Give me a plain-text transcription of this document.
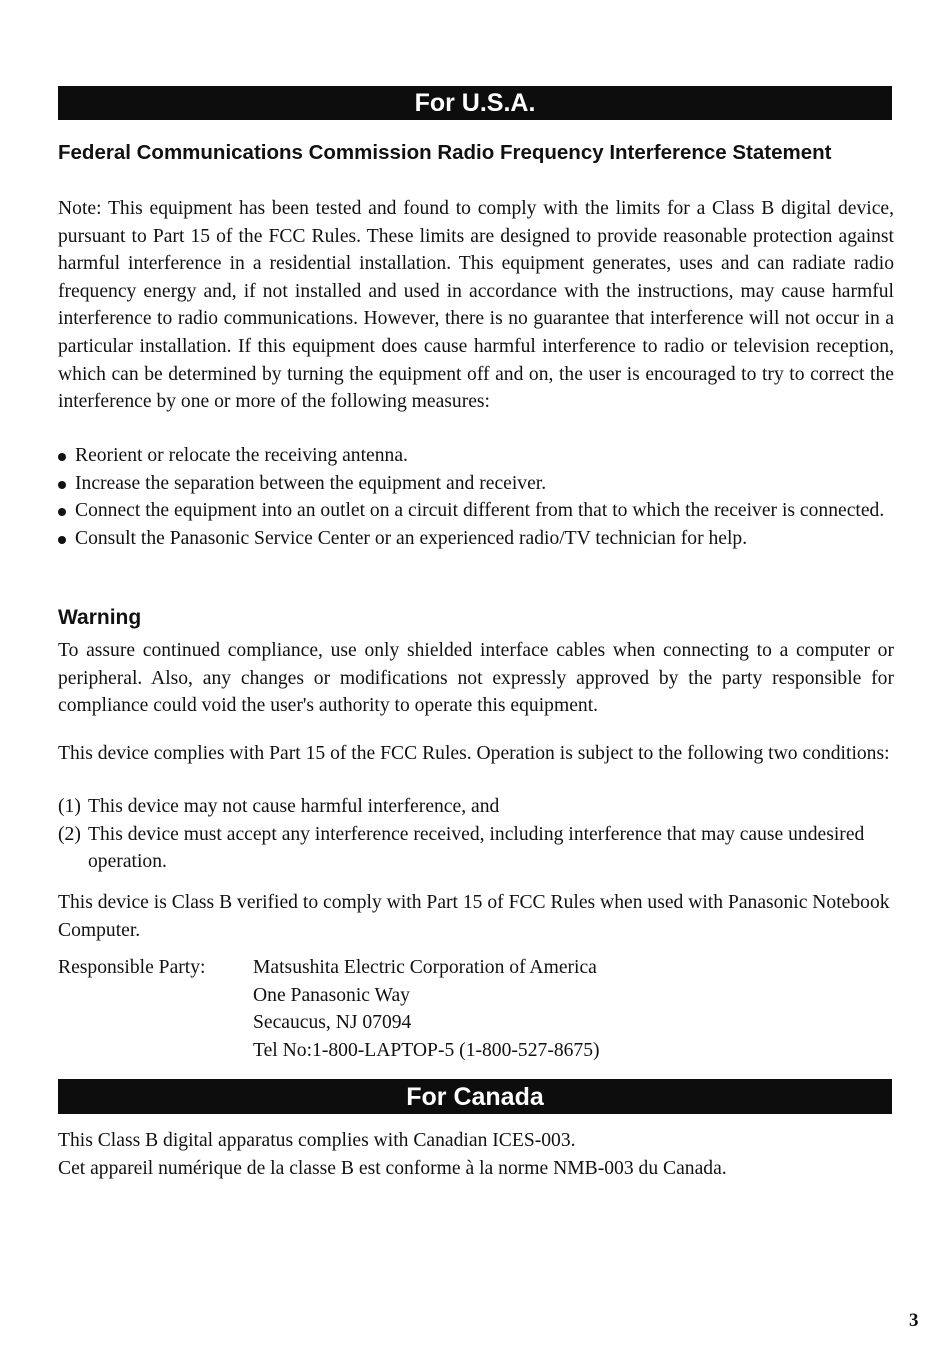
For U.S.A.
Federal Communications Commission Radio Frequency Interference Statement
Note: This equipment has been tested and found to comply with the limits for a Class B digital device, pursuant to Part 15 of the FCC Rules. These limits are designed to provide reasonable protection against harmful interference in a residential installation. This equipment generates, uses and can radiate radio frequency energy and, if not installed and used in accordance with the instructions, may cause harmful interference to radio communications. However, there is no guarantee that interference will not occur in a particular installation. If this equipment does cause harmful interference to radio or television reception, which can be determined by turning the equipment off and on, the user is encouraged to try to correct the interference by one or more of the following measures:
Reorient or relocate the receiving antenna.
Increase the separation between the equipment and receiver.
Connect the equipment into an outlet on a circuit different from that to which the receiver is connected.
Consult the Panasonic Service Center or an experienced radio/TV technician for help.
Warning
To assure continued compliance, use only shielded interface cables when connecting to a computer or peripheral. Also, any changes or modifications not expressly approved by the party responsible for compliance could void the user's authority to operate this equipment.
This device complies with Part 15 of the FCC Rules. Operation is subject to the following two conditions:
(1) This device may not cause harmful interference, and
(2) This device must accept any interference received, including interference that may cause undesired operation.
This device is Class B verified to comply with Part 15 of FCC Rules when used with Panasonic Notebook Computer.
Responsible Party: Matsushita Electric Corporation of America
One Panasonic Way
Secaucus, NJ 07094
Tel No:1-800-LAPTOP-5 (1-800-527-8675)
For Canada
This Class B digital apparatus complies with Canadian ICES-003.
Cet appareil numérique de la classe B est conforme à la norme NMB-003 du Canada.
3
